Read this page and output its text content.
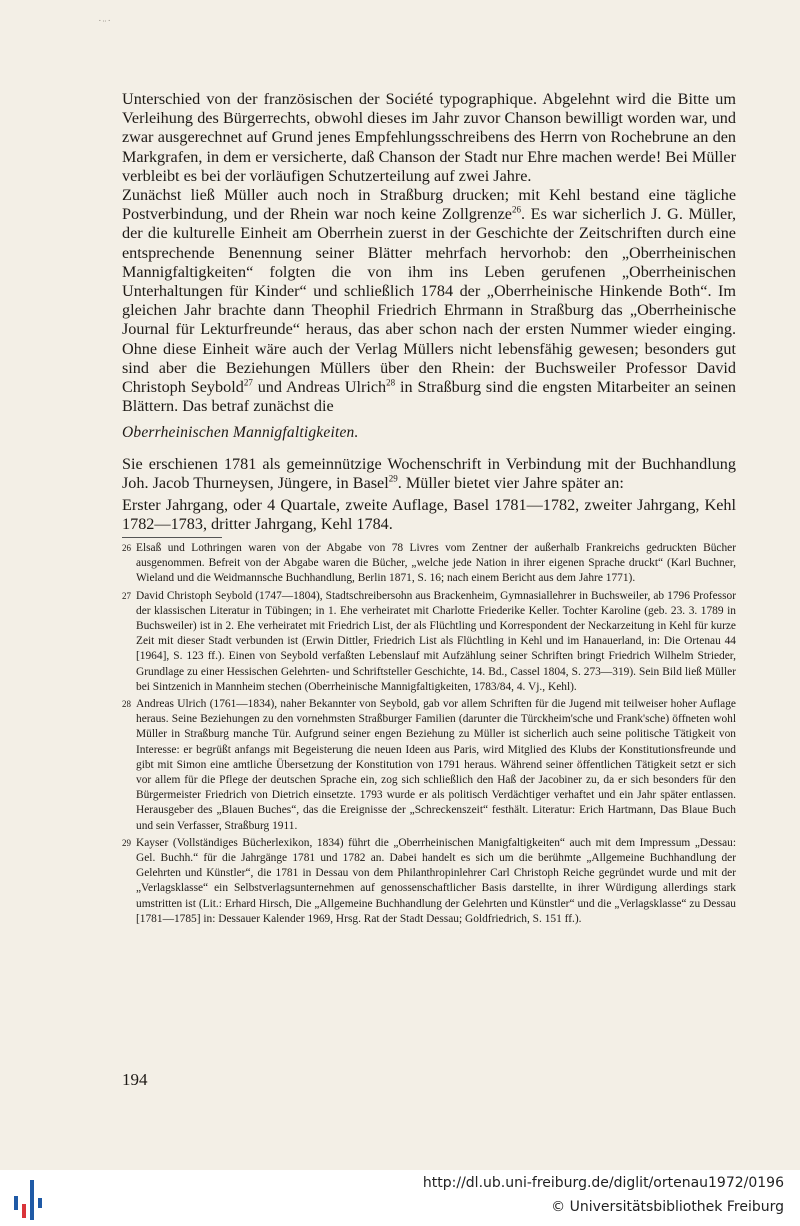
˙¨˙

Unterschied von der französischen der Société typographique. Abgelehnt wird die Bitte um Verleihung des Bürgerrechts, obwohl dieses im Jahr zuvor Chanson bewilligt worden war, und zwar ausgerechnet auf Grund jenes Empfehlungsschreibens des Herrn von Rochebrune an den Markgrafen, in dem er versicherte, daß Chanson der Stadt nur Ehre machen werde! Bei Müller verbleibt es bei der vorläufigen Schutzerteilung auf zwei Jahre.

Zunächst ließ Müller auch noch in Straßburg drucken; mit Kehl bestand eine tägliche Postverbindung, und der Rhein war noch keine Zollgrenze$^{26}$. Es war sicherlich J. G. Müller, der die kulturelle Einheit am Oberrhein zuerst in der Geschichte der Zeitschriften durch eine entsprechende Benennung seiner Blätter mehrfach hervorhob: den „Oberrheinischen Mannigfaltigkeiten“ folgten die von ihm ins Leben gerufenen „Oberrheinischen Unterhaltungen für Kinder“ und schließlich 1784 der „Oberrheinische Hinkende Both“. Im gleichen Jahr brachte dann Theophil Friedrich Ehrmann in Straßburg das „Oberrheinische Journal für Lekturfreunde“ heraus, das aber schon nach der ersten Nummer wieder einging. Ohne diese Einheit wäre auch der Verlag Müllers nicht lebensfähig gewesen; besonders gut sind aber die Beziehungen Müllers über den Rhein: der Buchsweiler Professor David Christoph Seybold$^{27}$ und Andreas Ulrich$^{28}$ in Straßburg sind die engsten Mitarbeiter an seinen Blättern. Das betraf zunächst die

Oberrheinischen Mannigfaltigkeiten.

Sie erschienen 1781 als gemeinnützige Wochenschrift in Verbindung mit der Buchhandlung Joh. Jacob Thurneysen, Jüngere, in Basel$^{29}$. Müller bietet vier Jahre später an:

Erster Jahrgang, oder 4 Quartale, zweite Auflage, Basel 1781—1782, zweiter Jahrgang, Kehl 1782—1783, dritter Jahrgang, Kehl 1784.

26 Elsaß und Lothringen waren von der Abgabe von 78 Livres vom Zentner der außerhalb Frankreichs gedruckten Bücher ausgenommen. Befreit von der Abgabe waren die Bücher, „welche jede Nation in ihrer eigenen Sprache druckt“ (Karl Buchner, Wieland und die Weidmannsche Buchhandlung, Berlin 1871, S. 16; nach einem Bericht aus dem Jahre 1771).
27 David Christoph Seybold (1747—1804), Stadtschreibersohn aus Brackenheim, Gymnasiallehrer in Buchsweiler, ab 1796 Professor der klassischen Literatur in Tübingen; in 1. Ehe verheiratet mit Charlotte Friederike Keller. Tochter Karoline (geb. 23. 3. 1789 in Buchsweiler) ist in 2. Ehe verheiratet mit Friedrich List, der als Flüchtling und Korrespondent der Neckarzeitung in Kehl für kurze Zeit mit dieser Stadt verbunden ist (Erwin Dittler, Friedrich List als Flüchtling in Kehl und im Hanauerland, in: Die Ortenau 44 [1964], S. 123 ff.). Einen von Seybold verfaßten Lebenslauf mit Aufzählung seiner Schriften bringt Friedrich Wilhelm Strieder, Grundlage zu einer Hessischen Gelehrten- und Schriftsteller Geschichte, 14. Bd., Cassel 1804, S. 273—319). Sein Bild ließ Müller bei Sintzenich in Mannheim stechen (Oberrheinische Mannigfaltigkeiten, 1783/84, 4. Vj., Kehl).
28 Andreas Ulrich (1761—1834), naher Bekannter von Seybold, gab vor allem Schriften für die Jugend mit teilweiser hoher Auflage heraus. Seine Beziehungen zu den vornehmsten Straßburger Familien (darunter die Türckheim'sche und Frank'sche) öffneten wohl Müller in Straßburg manche Tür. Aufgrund seiner engen Beziehung zu Müller ist sicherlich auch seine politische Tätigkeit von Interesse: er begrüßt anfangs mit Begeisterung die neuen Ideen aus Paris, wird Mitglied des Klubs der Konstitutionsfreunde und gibt mit Simon eine amtliche Übersetzung der Konstitution von 1791 heraus. Während seiner öffentlichen Tätigkeit setzt er sich vor allem für die Pflege der deutschen Sprache ein, zog sich schließlich den Haß der Jacobiner zu, da er sich besonders für den Bürgermeister Friedrich von Dietrich einsetzte. 1793 wurde er als politisch Verdächtiger verhaftet und ein Jahr später entlassen. Herausgeber des „Blauen Buches“, das die Ereignisse der „Schreckenszeit“ festhält. Literatur: Erich Hartmann, Das Blaue Buch und sein Verfasser, Straßburg 1911.
29 Kayser (Vollständiges Bücherlexikon, 1834) führt die „Oberrheinischen Manigfaltigkeiten“ auch mit dem Impressum „Dessau: Gel. Buchh.“ für die Jahrgänge 1781 und 1782 an. Dabei handelt es sich um die berühmte „Allgemeine Buchhandlung der Gelehrten und Künstler“, die 1781 in Dessau von dem Philanthropinlehrer Carl Christoph Reiche gegründet wurde und mit der „Verlagsklasse“ ein Selbstverlagsunternehmen auf genossenschaftlicher Basis darstellte, in ihrer Würdigung allerdings stark umstritten ist (Lit.: Erhard Hirsch, Die „Allgemeine Buchhandlung der Gelehrten und Künstler“ und die „Verlagsklasse“ zu Dessau [1781—1785] in: Dessauer Kalender 1969, Hrsg. Rat der Stadt Dessau; Goldfriedrich, S. 151 ff.).
194
http://dl.ub.uni-freiburg.de/diglit/ortenau1972/0196
© Universitätsbibliothek Freiburg
